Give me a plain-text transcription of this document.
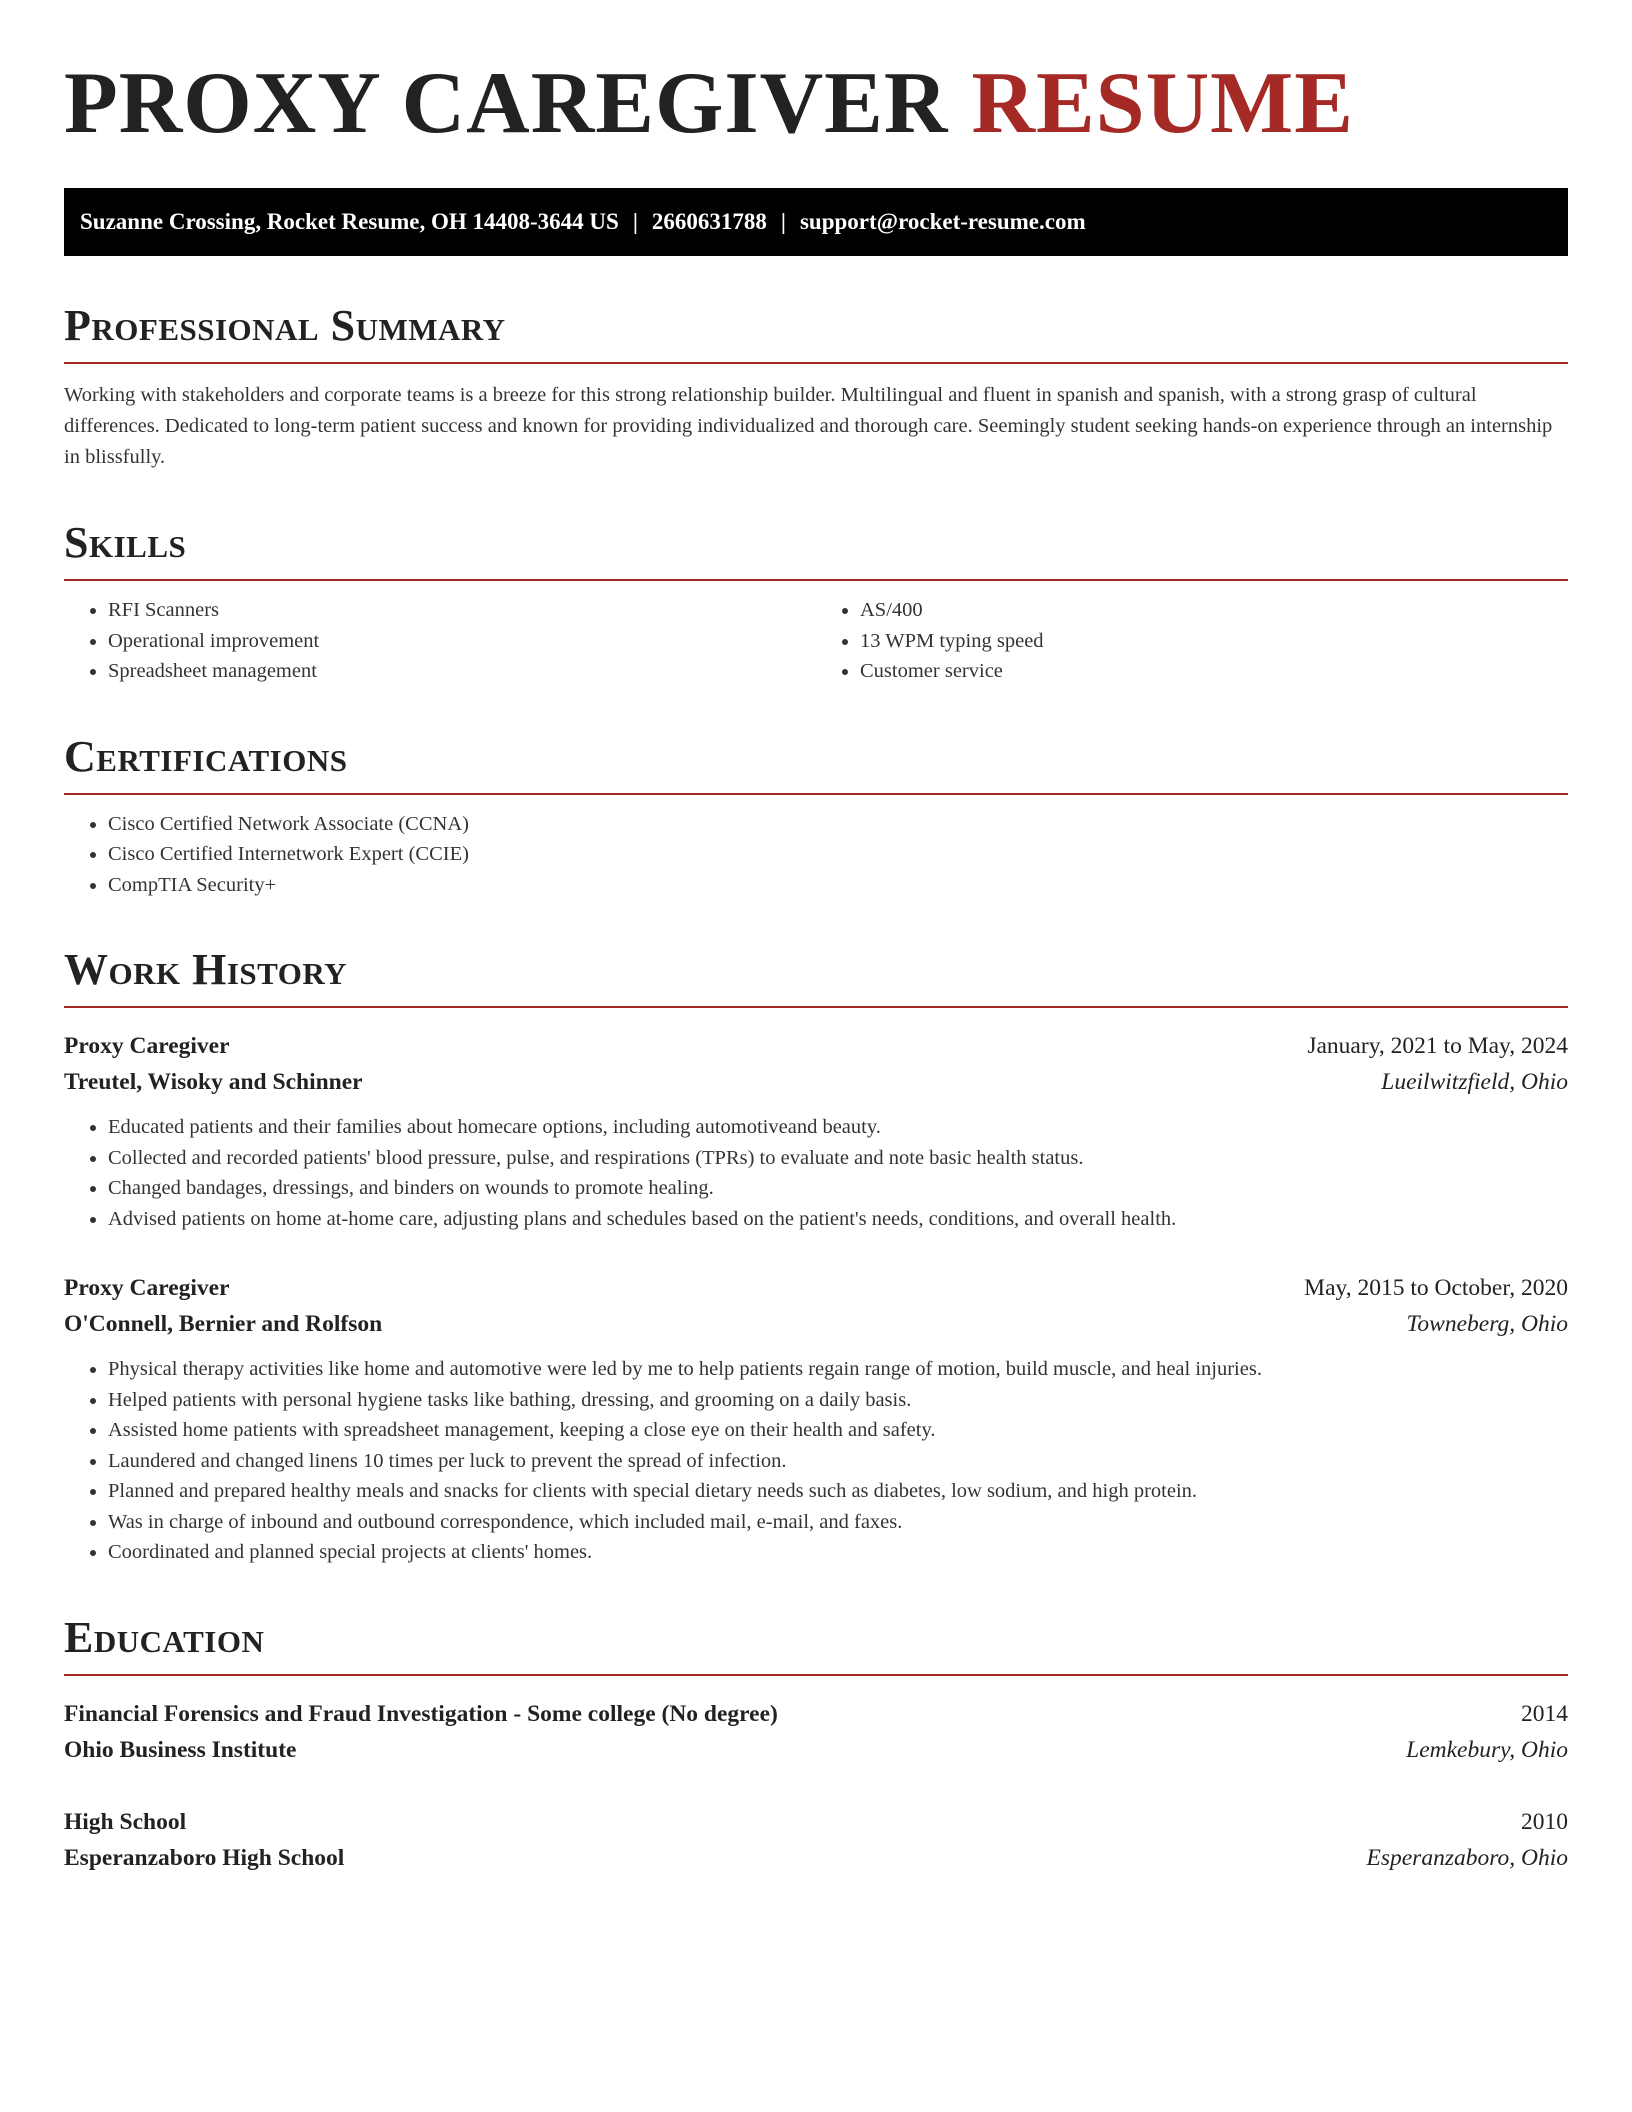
PROXY CAREGIVER RESUME
Suzanne Crossing, Rocket Resume, OH 14408-3644 US | 2660631788 | support@rocket-resume.com
Professional Summary

Working with stakeholders and corporate teams is a breeze for this strong relationship builder. Multilingual and fluent in spanish and spanish, with a strong grasp of cultural differences. Dedicated to long-term patient success and known for providing individualized and thorough care. Seemingly student seeking hands-on experience through an internship in blissfully.

Skills
• RFI Scanners
• Operational improvement
• Spreadsheet management
• AS/400
• 13 WPM typing speed
• Customer service
Certifications
• Cisco Certified Network Associate (CCNA)
• Cisco Certified Internetwork Expert (CCIE)
• CompTIA Security+
Work History
Proxy Caregiver	January, 2021 to May, 2024
Treutel, Wisoky and Schinner	Lueilwitzfield, Ohio
• Educated patients and their families about homecare options, including automotiveand beauty.
• Collected and recorded patients' blood pressure, pulse, and respirations (TPRs) to evaluate and note basic health status.
• Changed bandages, dressings, and binders on wounds to promote healing.
• Advised patients on home at-home care, adjusting plans and schedules based on the patient's needs, conditions, and overall health.
Proxy Caregiver	May, 2015 to October, 2020
O'Connell, Bernier and Rolfson	Towneberg, Ohio
• Physical therapy activities like home and automotive were led by me to help patients regain range of motion, build muscle, and heal injuries.
• Helped patients with personal hygiene tasks like bathing, dressing, and grooming on a daily basis.
• Assisted home patients with spreadsheet management, keeping a close eye on their health and safety.
• Laundered and changed linens 10 times per luck to prevent the spread of infection.
• Planned and prepared healthy meals and snacks for clients with special dietary needs such as diabetes, low sodium, and high protein.
• Was in charge of inbound and outbound correspondence, which included mail, e-mail, and faxes.
• Coordinated and planned special projects at clients' homes.
Education
Financial Forensics and Fraud Investigation - Some college (No degree)	2014
Ohio Business Institute	Lemkebury, Ohio
High School	2010
Esperanzaboro High School	Esperanzaboro, Ohio
